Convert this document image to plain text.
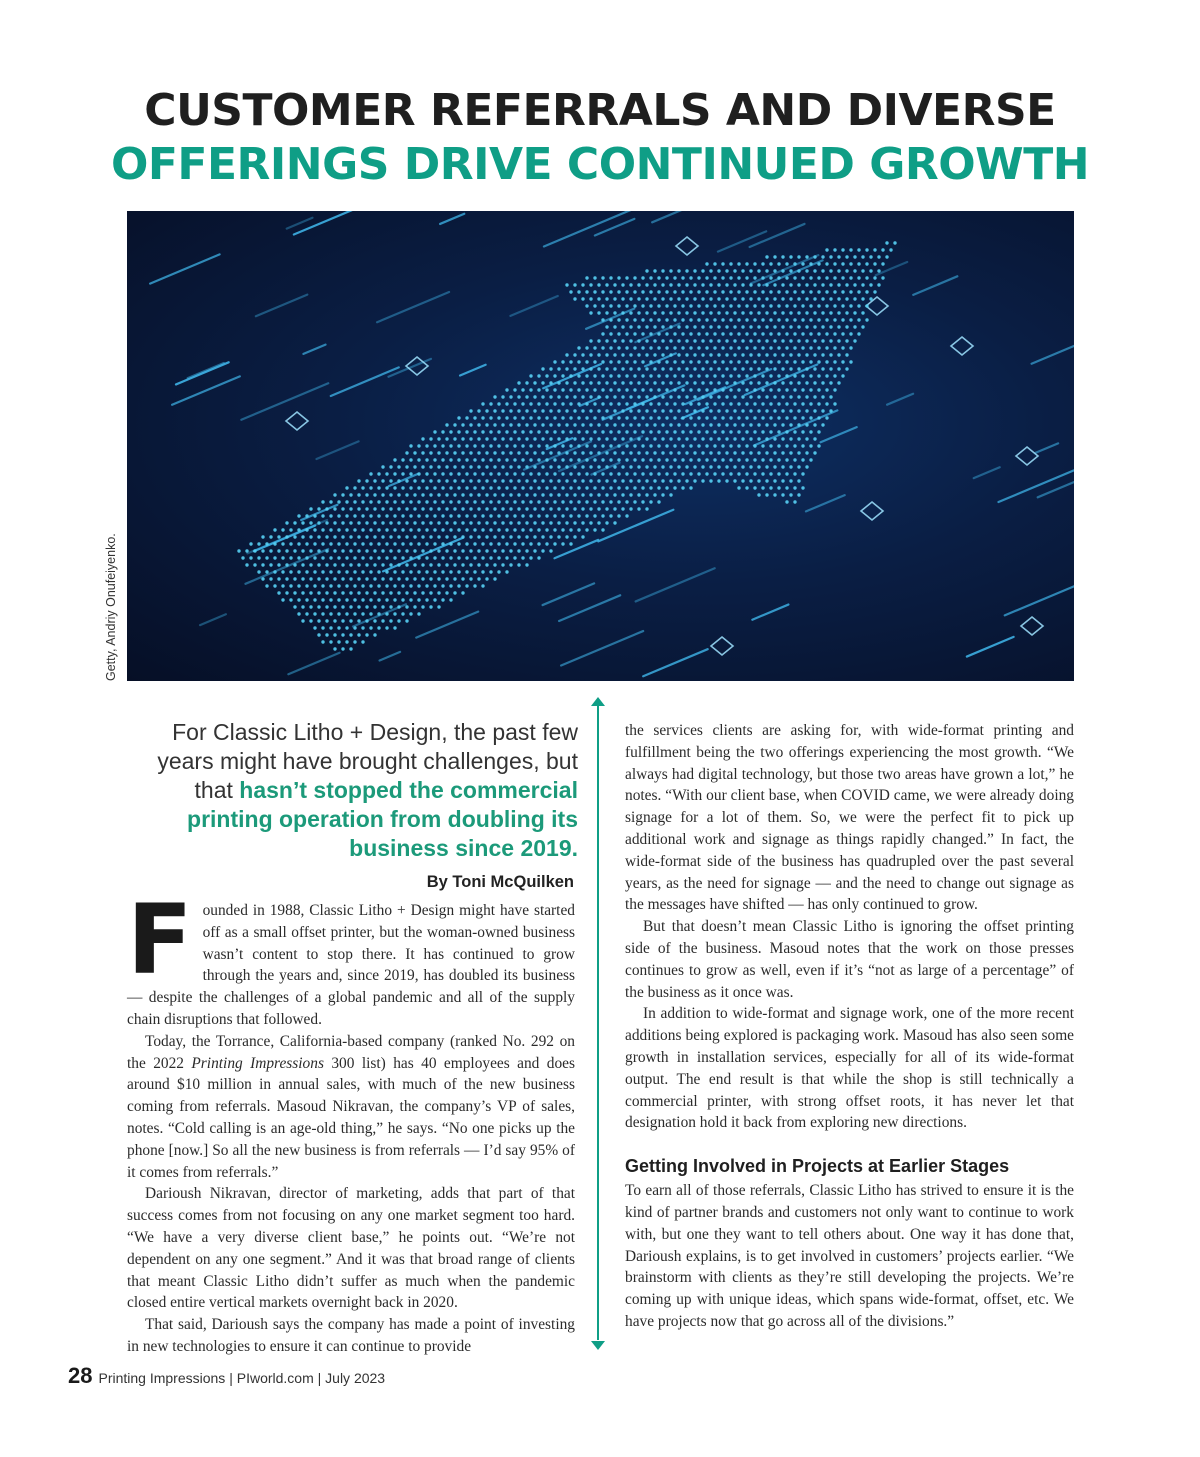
CUSTOMER REFERRALS AND DIVERSE
OFFERINGS DRIVE CONTINUED GROWTH
Getty, Andriy Onufeiyenko.
For Classic Litho + Design, the past few years might have brought challenges, but that hasn’t stopped the commercial printing operation from doubling its business since 2019.
By Toni McQuilken

Founded in 1988, Classic Litho + Design might have started off as a small offset printer, but the woman-owned business wasn’t content to stop there. It has continued to grow through the years and, since 2019, has doubled its business — despite the challenges of a global pandemic and all of the supply chain disruptions that followed.

Today, the Torrance, California-based company (ranked No. 292 on the 2022 Printing Impressions 300 list) has 40 employees and does around $10 million in annual sales, with much of the new business coming from referrals. Masoud Nikravan, the company’s VP of sales, notes. “Cold calling is an age-old thing,” he says. “No one picks up the phone [now.] So all the new business is from referrals — I’d say 95% of it comes from referrals.”

Darioush Nikravan, director of marketing, adds that part of that success comes from not focusing on any one market segment too hard. “We have a very diverse client base,” he points out. “We’re not dependent on any one segment.” And it was that broad range of clients that meant Classic Litho didn’t suffer as much when the pandemic closed entire vertical markets overnight back in 2020.

That said, Darioush says the company has made a point of investing in new technologies to ensure it can continue to provide

the services clients are asking for, with wide-format printing and fulfillment being the two offerings experiencing the most growth. “We always had digital technology, but those two areas have grown a lot,” he notes. “With our client base, when COVID came, we were already doing signage for a lot of them. So, we were the perfect fit to pick up additional work and signage as things rapidly changed.” In fact, the wide-format side of the business has quadrupled over the past several years, as the need for signage — and the need to change out signage as the messages have shifted — has only continued to grow.

But that doesn’t mean Classic Litho is ignoring the offset printing side of the business. Masoud notes that the work on those presses continues to grow as well, even if it’s “not as large of a percentage” of the business as it once was.

In addition to wide-format and signage work, one of the more recent additions being explored is packaging work. Masoud has also seen some growth in installation services, especially for all of its wide-format output. The end result is that while the shop is still technically a commercial printer, with strong offset roots, it has never let that designation hold it back from exploring new directions.

Getting Involved in Projects at Earlier Stages

To earn all of those referrals, Classic Litho has strived to ensure it is the kind of partner brands and customers not only want to continue to work with, but one they want to tell others about. One way it has done that, Darioush explains, is to get involved in customers’ projects earlier. “We brainstorm with clients as they’re still developing the projects. We’re coming up with unique ideas, which spans wide-format, offset, etc. We have projects now that go across all of the divisions.”

28 Printing Impressions | PIworld.com | July 2023
